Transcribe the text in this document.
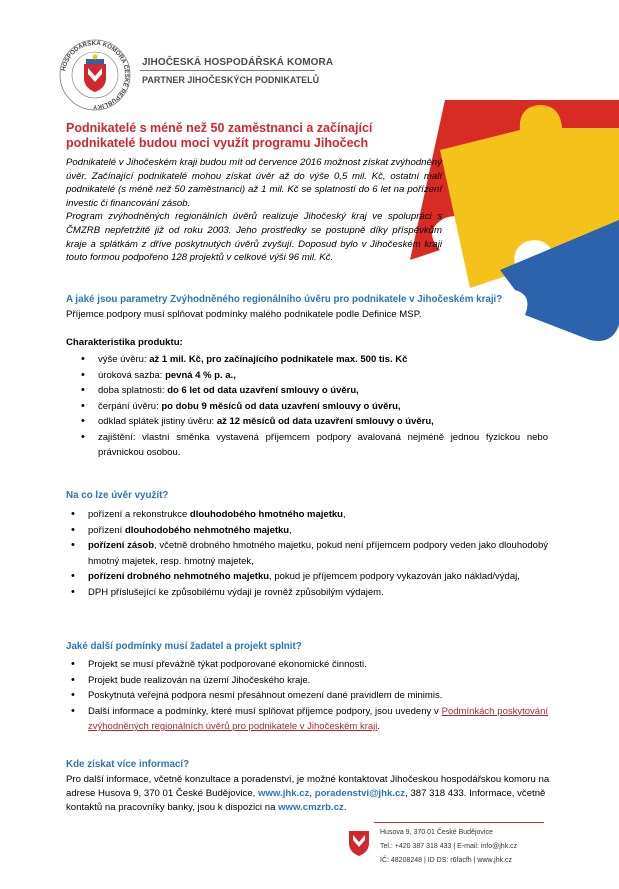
HOSPODÁŘSKÁ KOMORA ČESKÉ REPUBLIKY
JIHOČESKÁ HOSPODÁŘSKÁ KOMORA
PARTNER JIHOČESKÝCH PODNIKATELŮ
Podnikatelé s méně než 50 zaměstnanci a začínající podnikatelé budou moci využít programu Jihočech

Podnikatelé v Jihočeském kraji budou mít od července 2016 možnost získat zvýhodněný úvěr. Začínající podnikatelé mohou získat úvěr až do výše 0,5 mil. Kč, ostatní malí podnikatelé (s méně než 50 zaměstnanci) až 1 mil. Kč se splatností do 6 let na pořízení investic či financování zásob.

Program zvýhodněných regionálních úvěrů realizuje Jihočeský kraj ve spolupráci s ČMZRB nepřetržitě již od roku 2003. Jeho prostředky se postupně díky příspěvkům kraje a splátkám z dříve poskytnutých úvěrů zvyšují. Doposud bylo v Jihočeském kraji touto formou podpořeno 128 projektů v celkové výši 96 mil. Kč.

A jaké jsou parametry Zvýhodněného regionálního úvěru pro podnikatele v Jihočeském kraji?
Příjemce podpory musí splňovat podmínky malého podnikatele podle Definice MSP.
Charakteristika produktu:
• výše úvěru: až 1 mil. Kč, pro začínajícího podnikatele max. 500 tis. Kč
• úroková sazba: pevná 4 % p. a.,
• doba splatnosti: do 6 let od data uzavření smlouvy o úvěru,
• čerpání úvěru: po dobu 9 měsíců od data uzavření smlouvy o úvěru,
• odklad splátek jistiny úvěru: až 12 měsíců od data uzavření smlouvy o úvěru,
• zajištění: vlastní směnka vystavená příjemcem podpory avalovaná nejméně jednou fyzickou nebo právnickou osobou.
Na co lze úvěr využít?
• pořízení a rekonstrukce dlouhodobého hmotného majetku,
• pořízení dlouhodobého nehmotného majetku,
• pořízení zásob, včetně drobného hmotného majetku, pokud není příjemcem podpory veden jako dlouhodobý hmotný majetek, resp. hmotný majetek,
• pořízení drobného nehmotného majetku, pokud je příjemcem podpory vykazován jako náklad/výdaj,
• DPH příslušející ke způsobilému výdaji je rovněž způsobilým výdajem.
Jaké další podmínky musí žadatel a projekt splnit?
• Projekt se musí převážně týkat podporované ekonomické činnosti.
• Projekt bude realizován na území Jihočeského kraje.
• Poskytnutá veřejná podpora nesmí přesáhnout omezení dané pravidlem de minimis.
• Další informace a podmínky, které musí splňovat příjemce podpory, jsou uvedeny v Podmínkách poskytování zvýhodněných regionálních úvěrů pro podnikatele v Jihočeském kraji.
Kde získat více informací?
Pro další informace, včetně konzultace a poradenství, je možné kontaktovat Jihočeskou hospodářskou komoru na adrese Husova 9, 370 01 České Budějovice, www.jhk.cz, poradenstvi@jhk.cz, 387 318 433. Informace, včetně kontaktů na pracovníky banky, jsou k dispozici na www.cmzrb.cz.
Husova 9, 370 01 České Budějovice
Tel.: +420 387 318 433 | E-mail: info@jhk.cz
IČ: 48208248 | ID DS: r6facfh | www.jhk.cz
